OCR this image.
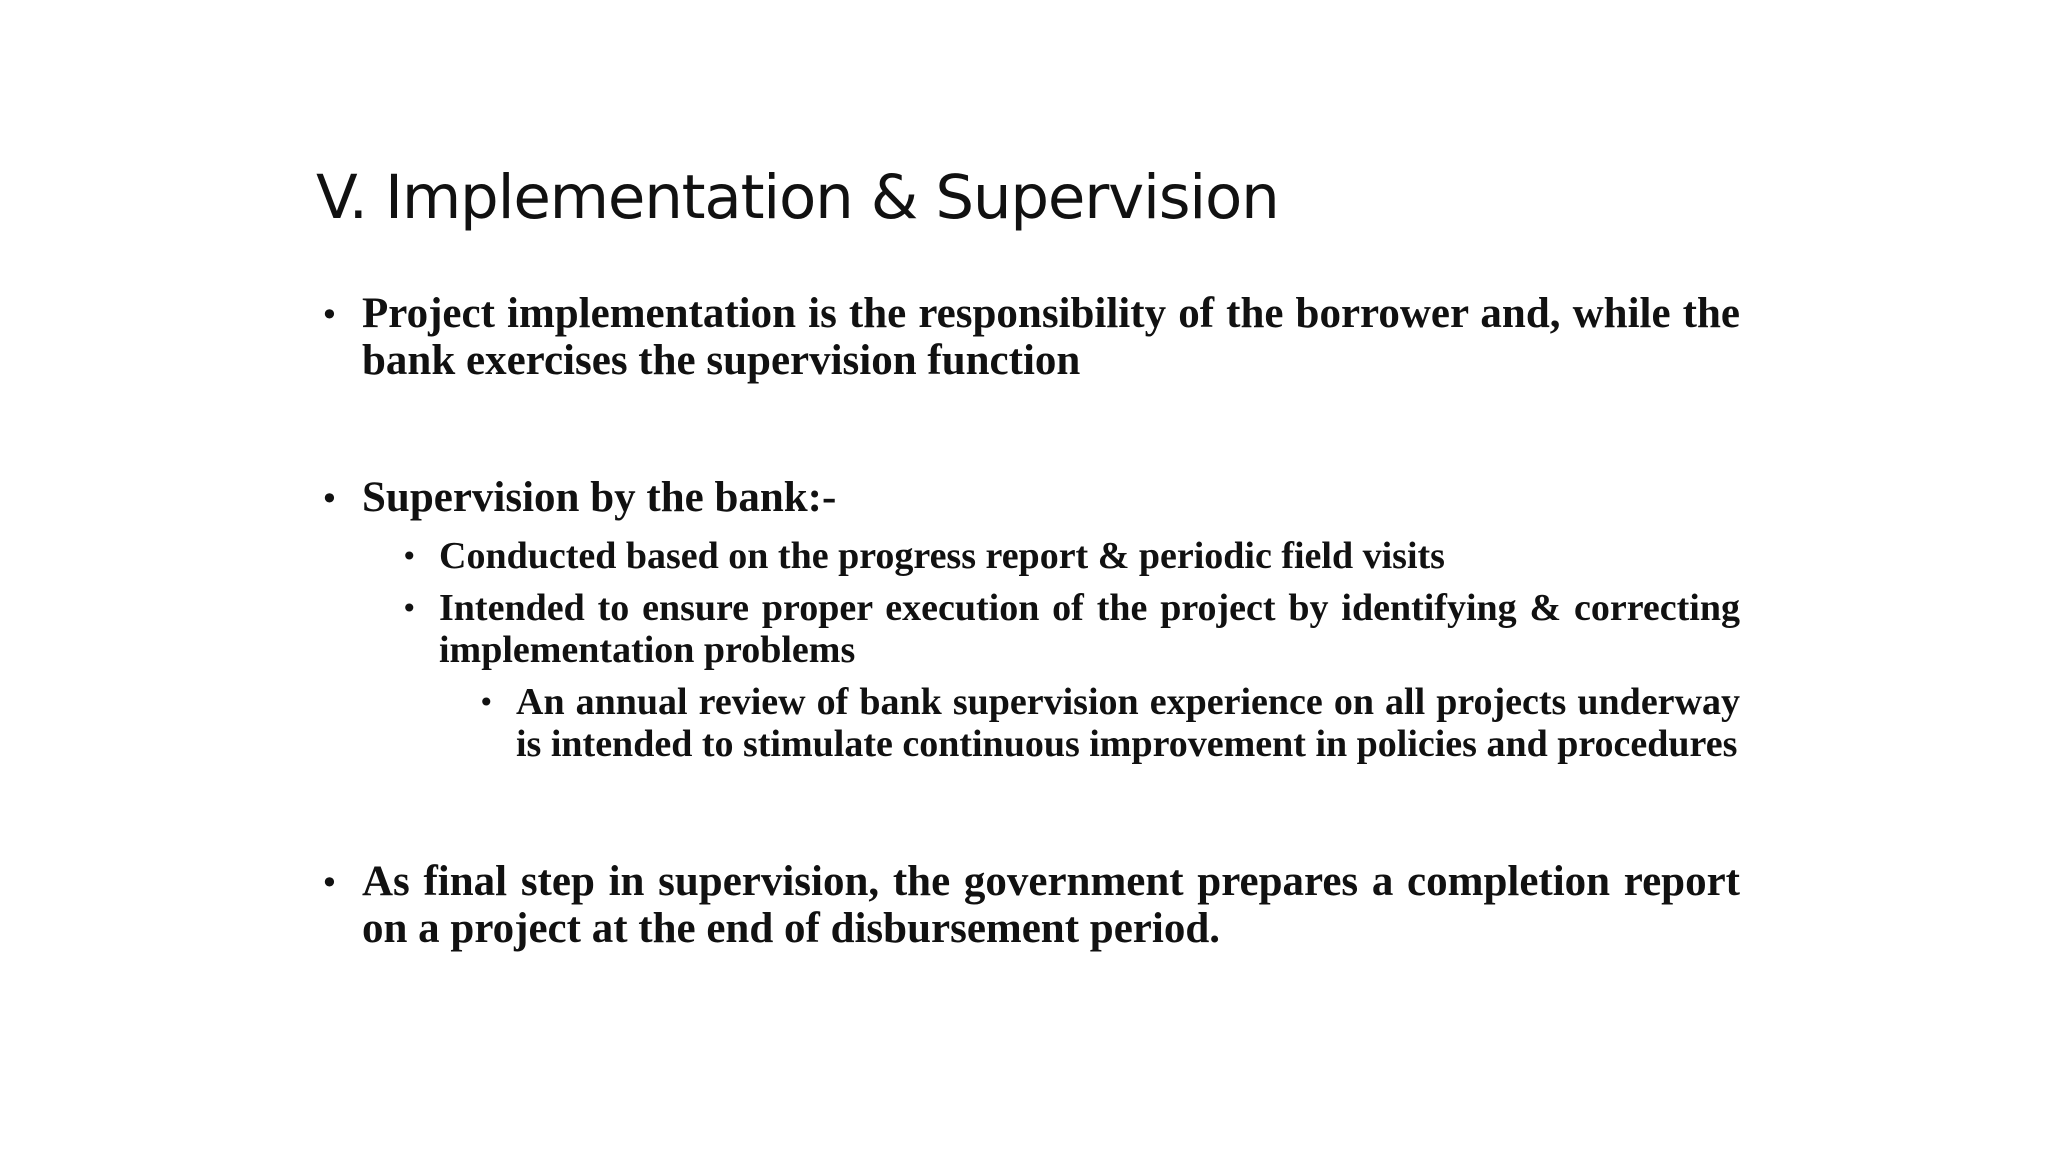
V. Implementation & Supervision
• Project implementation is the responsibility of the borrower and, while the bank exercises the supervision function
• Supervision by the bank:-
• Conducted based on the progress report & periodic field visits
• Intended to ensure proper execution of the project by identifying & correcting implementation problems
• An annual review of bank supervision experience on all projects underway is intended to stimulate continuous improvement in policies and procedures
• As final step in supervision, the government prepares a completion report on a project at the end of disbursement period.
